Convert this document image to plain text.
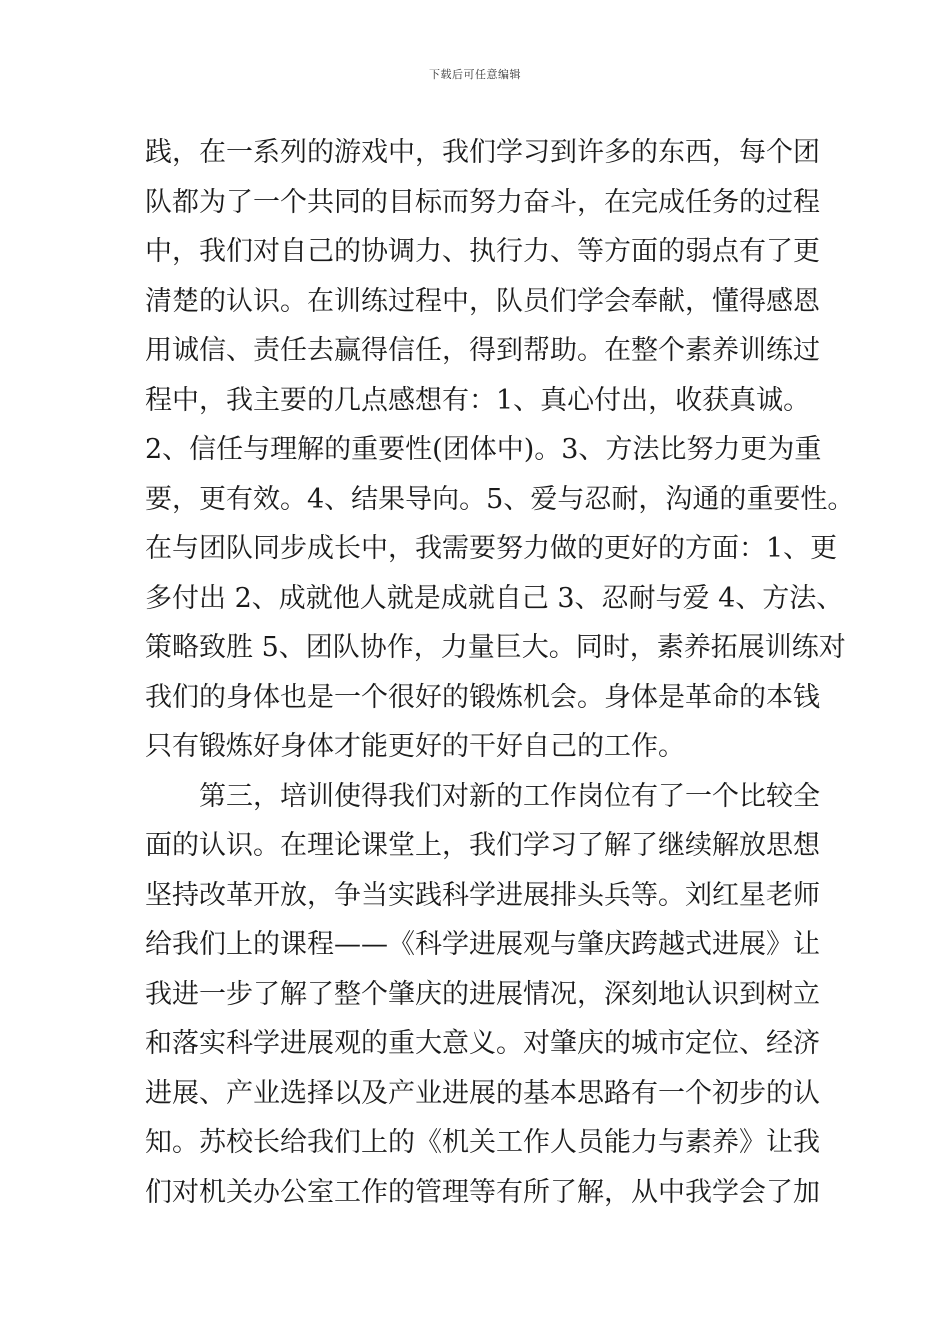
下载后可任意编辑
践，在一系列的游戏中，我们学习到许多的东西，每个团
队都为了一个共同的目标而努力奋斗，在完成任务的过程
中，我们对自己的协调力、执行力、等方面的弱点有了更
清楚的认识。在训练过程中，队员们学会奉献，懂得感恩
用诚信、责任去赢得信任，得到帮助。在整个素养训练过
程中，我主要的几点感想有：1、真心付出，收获真诚。
2、信任与理解的重要性(团体中)。3、方法比努力更为重
要，更有效。4、结果导向。5、爱与忍耐，沟通的重要性。
在与团队同步成长中，我需要努力做的更好的方面：1、更
多付出 2、成就他人就是成就自己 3、忍耐与爱 4、方法、
策略致胜 5、团队协作，力量巨大。同时，素养拓展训练对
我们的身体也是一个很好的锻炼机会。身体是革命的本钱
只有锻炼好身体才能更好的干好自己的工作。
　　第三，培训使得我们对新的工作岗位有了一个比较全
面的认识。在理论课堂上，我们学习了解了继续解放思想
坚持改革开放，争当实践科学进展排头兵等。刘红星老师
给我们上的课程——《科学进展观与肇庆跨越式进展》让
我进一步了解了整个肇庆的进展情况，深刻地认识到树立
和落实科学进展观的重大意义。对肇庆的城市定位、经济
进展、产业选择以及产业进展的基本思路有一个初步的认
知。苏校长给我们上的《机关工作人员能力与素养》让我
们对机关办公室工作的管理等有所了解，从中我学会了加
